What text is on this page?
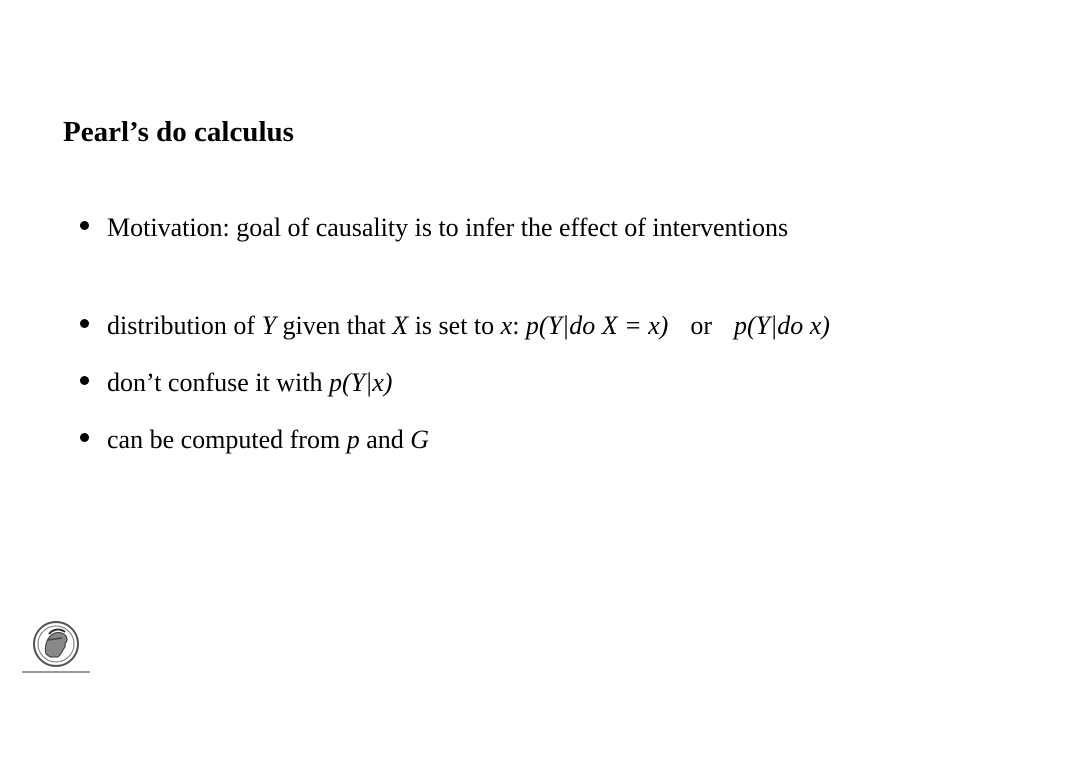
Pearl’s do calculus
Motivation: goal of causality is to infer the effect of interventions
distribution of Y given that X is set to x : p(Y|do X = x) or p(Y|do x)
don’t confuse it with p(Y|x)
can be computed from p and G
